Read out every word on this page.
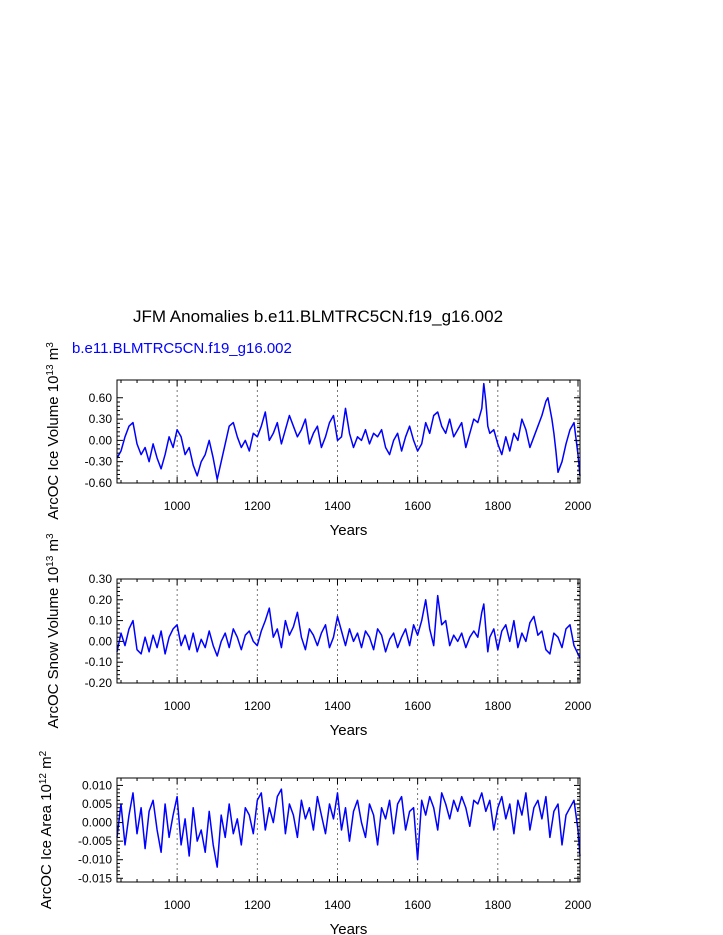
JFM Anomalies b.e11.BLMTRC5CN.f19_g16.002
b.e11.BLMTRC5CN.f19_g16.002
-0.60
-0.30
0.00
0.30
0.60
1000	1200	1400	1600	1800	2000
Years
ArcOC Ice Volume $10^{13}$ $m^3$
-0.20
-0.10
0.00
0.10
0.20
0.30
1000	1200	1400	1600	1800	2000
Years
ArcOC Snow Volume $10^{13}$ $m^3$
-0.015
-0.010
-0.005
0.000
0.005
0.010
1000	1200	1400	1600	1800	2000
Years
ArcOC Ice Area $10^{12}$ $m^2$
